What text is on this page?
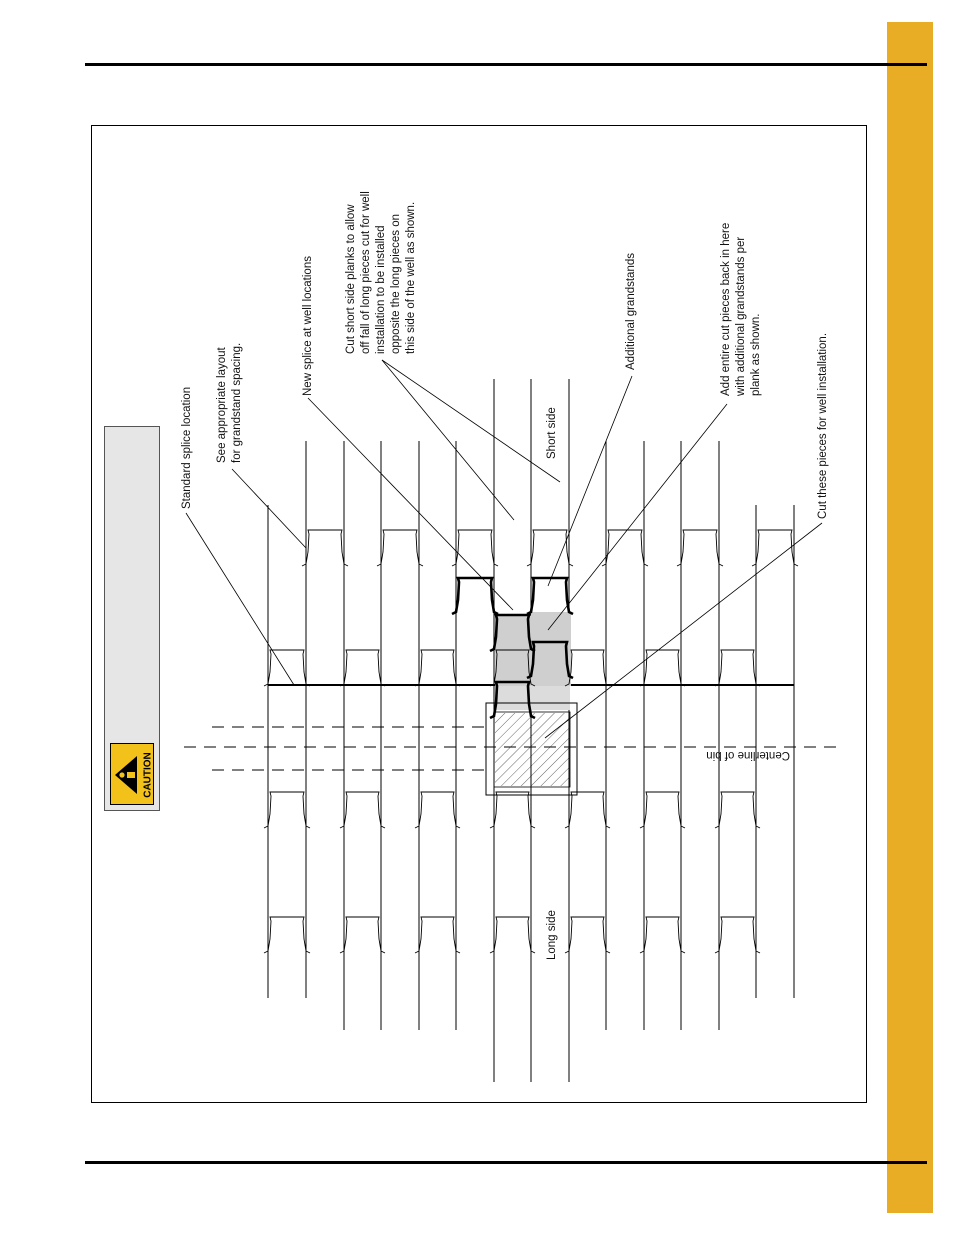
CAUTION
Standard splice location See appropriate layout for grandstand spacing.
New splice at well locations	Cut short side planks to allow off fall of long pieces cut for well installation to be installed opposite the long pieces on this side of the well as shown.	Additional grandstands	Add entire cut pieces back in here with additional grandstands per plank as shown.	Cut these pieces for well installation.
Short side
Long side
Centerline of bin
